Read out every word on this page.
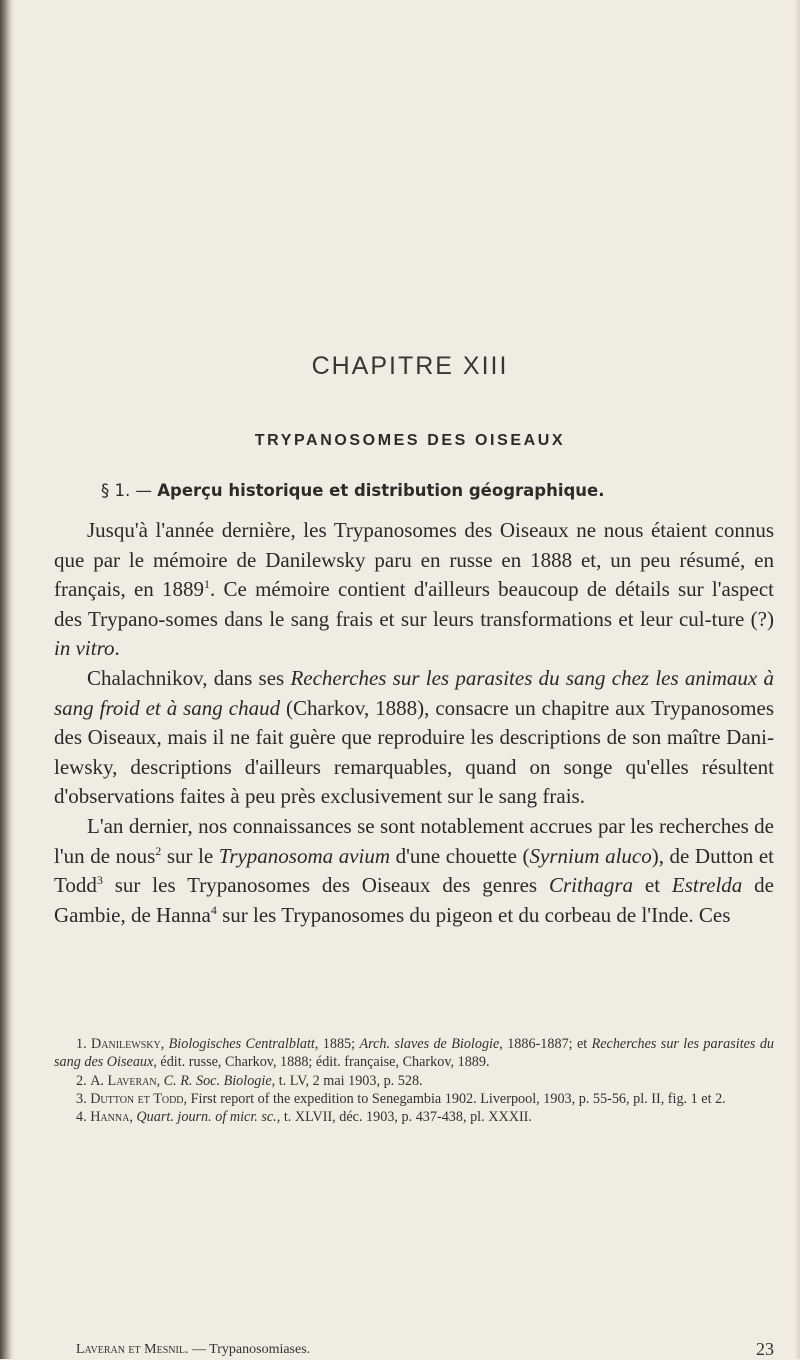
CHAPITRE XIII
TRYPANOSOMES DES OISEAUX
§ 1. — Aperçu historique et distribution géographique.

Jusqu'à l'année dernière, les Trypanosomes des Oiseaux ne nous étaient connus que par le mémoire de Danilewsky paru en russe en 1888 et, un peu résumé, en français, en 1889$^1$. Ce mémoire contient d'ailleurs beaucoup de détails sur l'aspect des Trypano-somes dans le sang frais et sur leurs transformations et leur cul-ture (?) in vitro.

Chalachnikov, dans ses Recherches sur les parasites du sang chez les animaux à sang froid et à sang chaud (Charkov, 1888), consacre un chapitre aux Trypanosomes des Oiseaux, mais il ne fait guère que reproduire les descriptions de son maître Dani-lewsky, descriptions d'ailleurs remarquables, quand on songe qu'elles résultent d'observations faites à peu près exclusivement sur le sang frais.

L'an dernier, nos connaissances se sont notablement accrues par les recherches de l'un de nous$^2$ sur le Trypanosoma avium d'une chouette (Syrnium aluco), de Dutton et Todd$^3$ sur les Trypanosomes des Oiseaux des genres Crithagra et Estrelda de Gambie, de Hanna$^4$ sur les Trypanosomes du pigeon et du corbeau de l'Inde. Ces

1. Danilewsky, Biologisches Centralblatt, 1885; Arch. slaves de Biologie, 1886-1887; et Recherches sur les parasites du sang des Oiseaux, édit. russe, Charkov, 1888; édit. française, Charkov, 1889.

2. A. Laveran, C. R. Soc. Biologie, t. LV, 2 mai 1903, p. 528.

3. Dutton et Todd, First report of the expedition to Senegambia 1902. Liverpool, 1903, p. 55-56, pl. II, fig. 1 et 2.

4. Hanna, Quart. journ. of micr. sc., t. XLVII, déc. 1903, p. 437-438, pl. XXXII.

Laveran et Mesnil. — Trypanosomiases.	23
